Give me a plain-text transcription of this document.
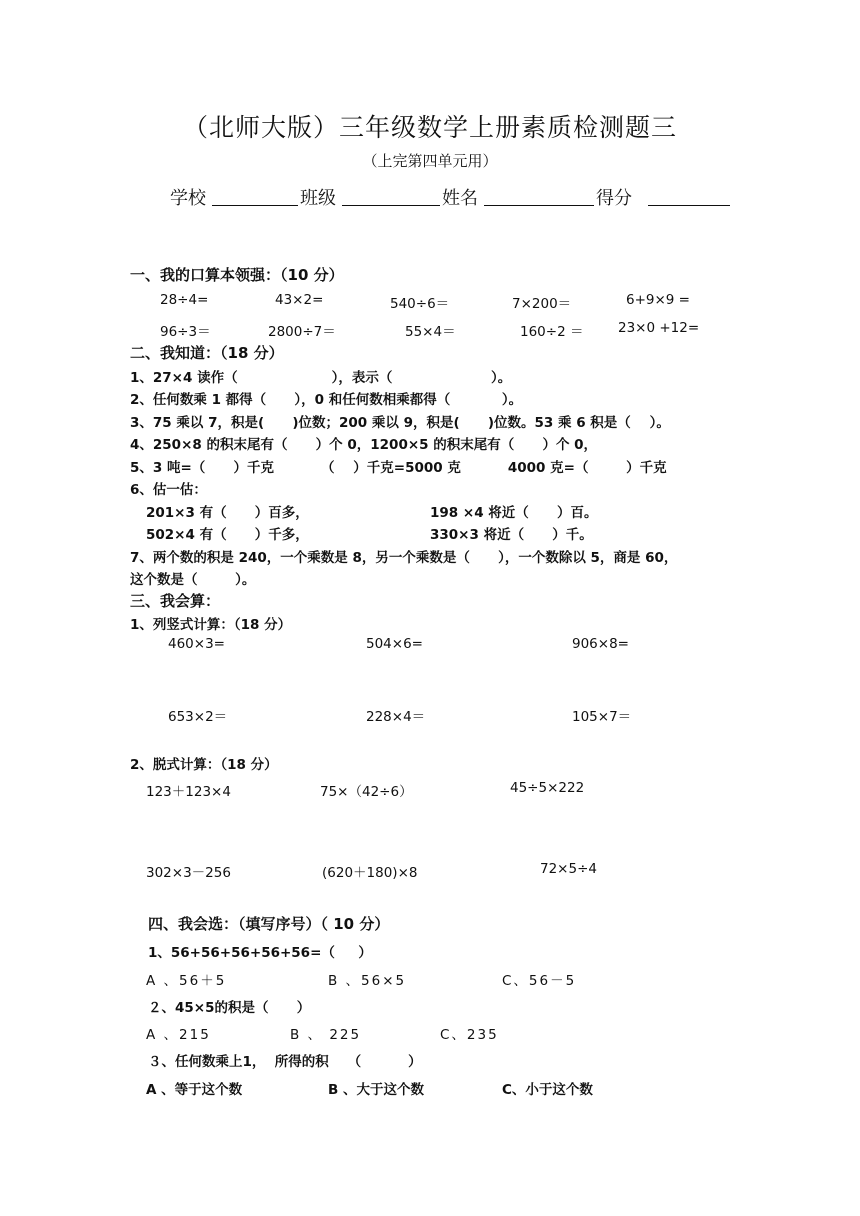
（北师大版）三年级数学上册素质检测题三
（上完第四单元用）
学校	班级	姓名	得分
一、我的口算本领强：（10 分）
28÷4=	43×2=	540÷6＝	7×200＝	6+9×9 =
96÷3＝	2800÷7＝	55×4＝	160÷2 ＝	23×0 +12=
二、我知道：（18 分）
1、27×4 读作（                    ），表示（                     ）。
2、任何数乘 1 都得（      ），0 和任何数相乘都得（           ）。
3、75 乘以 7，积是(      )位数；200 乘以 9，积是(      )位数。53 乘 6 积是（    ）。
4、250×8 的积末尾有（      ）个 0，1200×5 的积末尾有（      ）个 0，
5、3 吨=（      ）千克          （    ）千克=5000 克          4000 克=（        ）千克
6、估一估：
201×3 有（      ）百多，	198 ×4 将近（      ）百。
502×4 有（      ）千多，	330×3 将近（      ）千。
7、两个数的积是 240，一个乘数是 8，另一个乘数是（      ），一个数除以 5，商是 60，
这个数是（        ）。
三、我会算：
1、列竖式计算：（18 分）
460×3=	504×6=	906×8=
653×2＝	228×4＝	105×7＝
2、脱式计算：（18 分）
123＋123×4	75×（42÷6）	45÷5×222
302×3－256	(620＋180)×8	72×5÷4
四、我会选：（填写序号）（ 10 分）
1、56+56+56+56+56=（     ）
A 、56＋5	B 、56×5	C、56－5
２、45×5的积是（      ）
A 、215	B 、 225	C、235
３、任何数乘上1，  所得的积    （          ）
A 、等于这个数	B 、大于这个数	C、小于这个数
